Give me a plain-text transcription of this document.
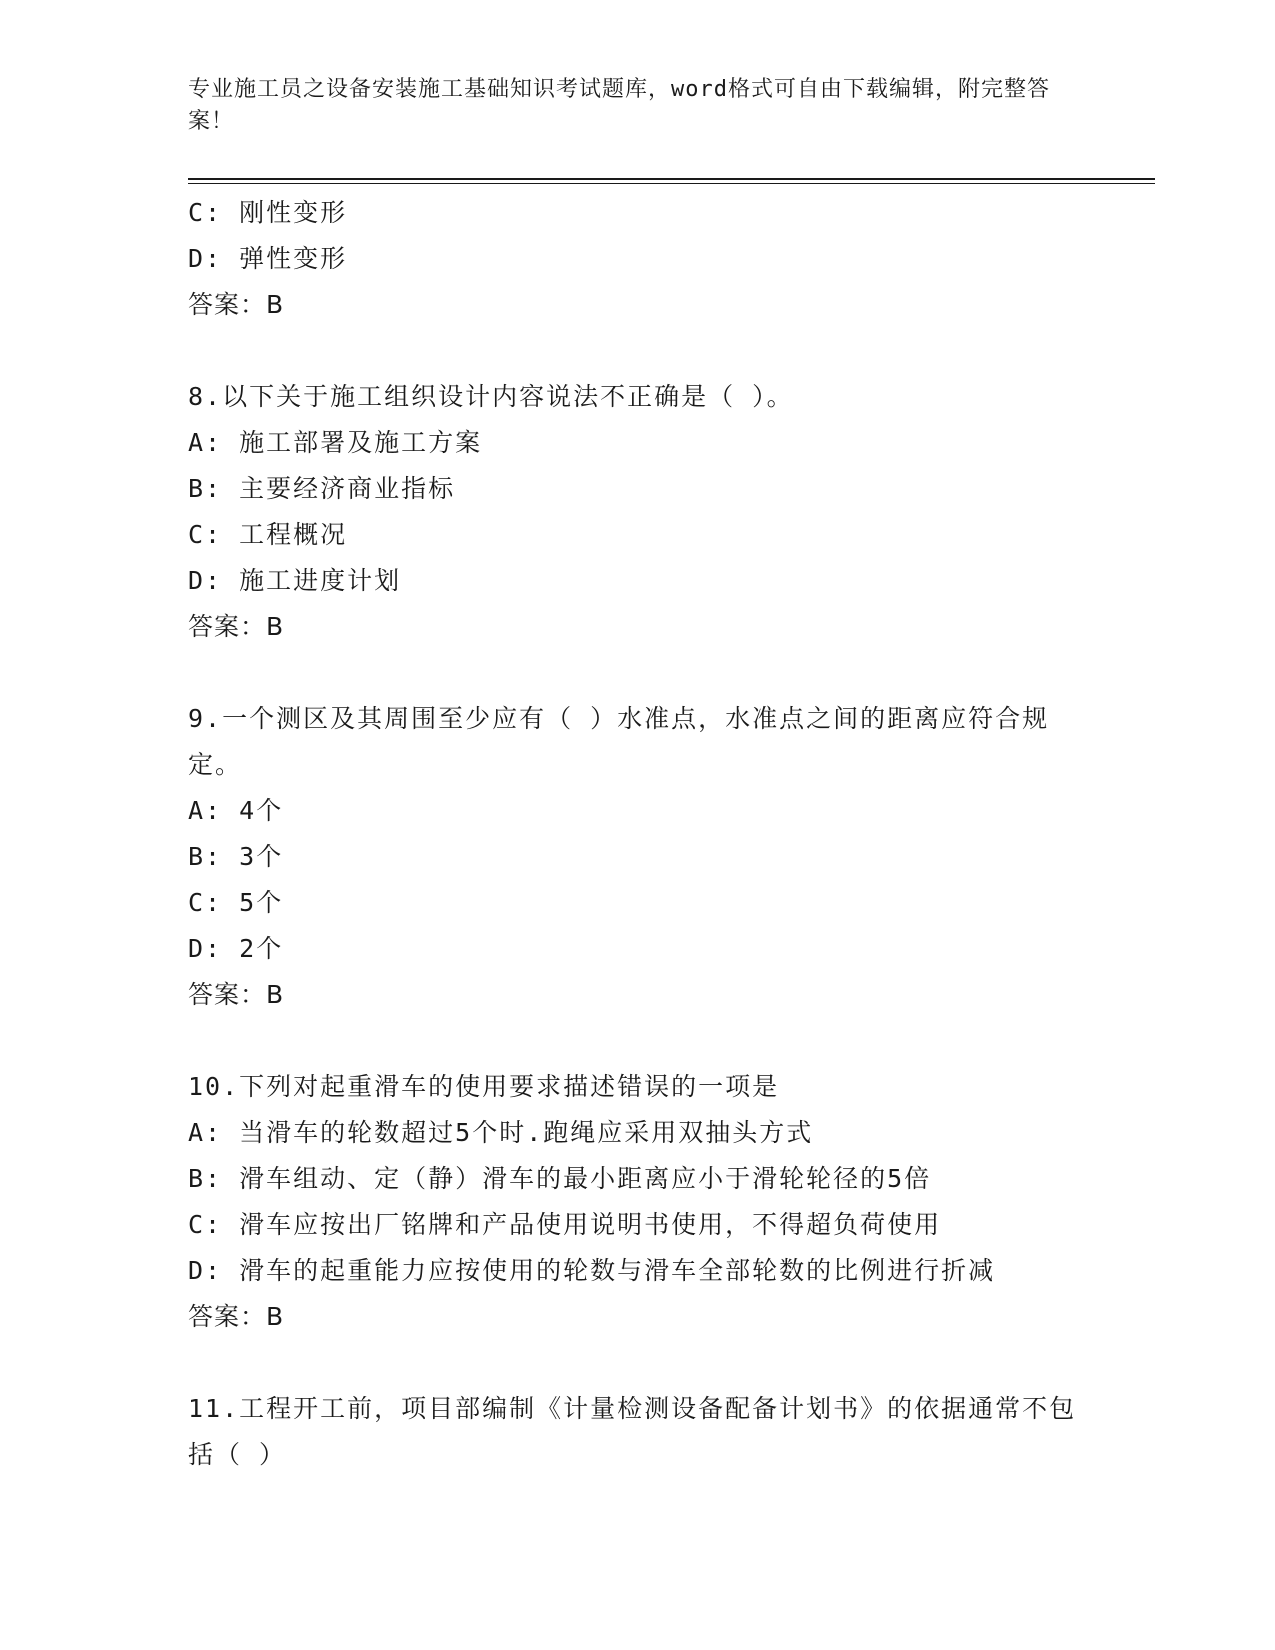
专业施工员之设备安装施工基础知识考试题库，word格式可自由下载编辑，附完整答案！
C: 刚性变形
D: 弹性变形
答案：B
8.以下关于施工组织设计内容说法不正确是（ ）。
A: 施工部署及施工方案
B: 主要经济商业指标
C: 工程概况
D: 施工进度计划
答案：B
9.一个测区及其周围至少应有（ ）水准点，水准点之间的距离应符合规定。
A: 4个
B: 3个
C: 5个
D: 2个
答案：B
10.下列对起重滑车的使用要求描述错误的一项是
A: 当滑车的轮数超过5个时.跑绳应采用双抽头方式
B: 滑车组动、定（静）滑车的最小距离应小于滑轮轮径的5倍
C: 滑车应按出厂铭牌和产品使用说明书使用，不得超负荷使用
D: 滑车的起重能力应按使用的轮数与滑车全部轮数的比例进行折减
答案：B
11.工程开工前，项目部编制《计量检测设备配备计划书》的依据通常不包括（ ）
